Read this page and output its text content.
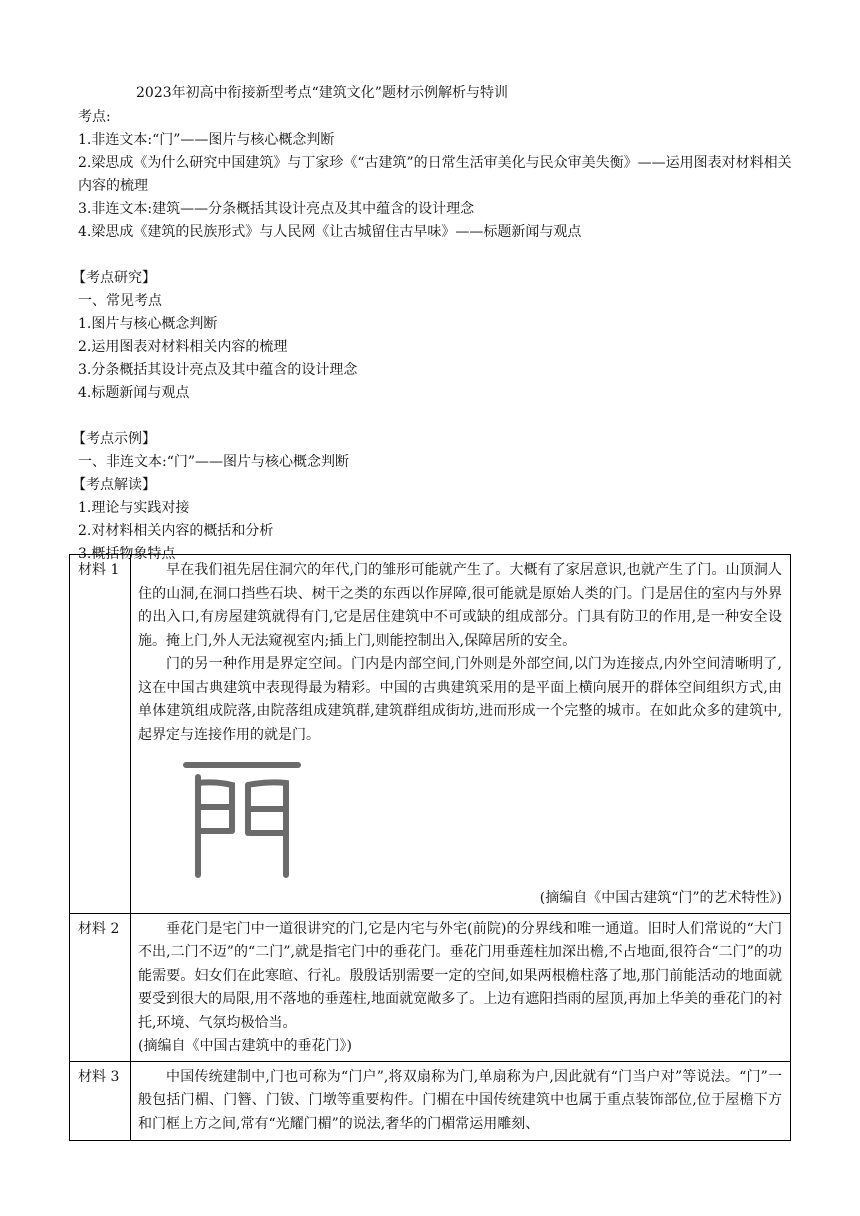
2023年初高中衔接新型考点“建筑文化”题材示例解析与特训
考点:
1.非连文本:“门”——图片与核心概念判断
2.梁思成《为什么研究中国建筑》与丁家珍《“古建筑”的日常生活审美化与民众审美失衡》——运用图表对材料相关内容的梳理
3.非连文本:建筑——分条概括其设计亮点及其中蕴含的设计理念
4.梁思成《建筑的民族形式》与人民网《让古城留住古早味》——标题新闻与观点
【考点研究】
一、常见考点
1.图片与核心概念判断
2.运用图表对材料相关内容的梳理
3.分条概括其设计亮点及其中蕴含的设计理念
4.标题新闻与观点
【考点示例】
一、非连文本:“门”——图片与核心概念判断
【考点解读】
1.理论与实践对接
2.对材料相关内容的概括和分析
3.概括物象特点
材料 1	早在我们祖先居住洞穴的年代,门的雏形可能就产生了。大概有了家居意识,也就产生了门。山顶洞人住的山洞,在洞口挡些石块、树干之类的东西以作屏障,很可能就是原始人类的门。门是居住的室内与外界的出入口,有房屋建筑就得有门,它是居住建筑中不可或缺的组成部分。门具有防卫的作用,是一种安全设施。掩上门,外人无法窥视室内;插上门,则能控制出入,保障居所的安全。
门的另一种作用是界定空间。门内是内部空间,门外则是外部空间,以门为连接点,内外空间清晰明了,这在中国古典建筑中表现得最为精彩。中国的古典建筑采用的是平面上横向展开的群体空间组织方式,由单体建筑组成院落,由院落组成建筑群,建筑群组成街坊,进而形成一个完整的城市。在如此众多的建筑中,起界定与连接作用的就是门。
(摘编自《中国古建筑“门”的艺术特性》)

材料 2	垂花门是宅门中一道很讲究的门,它是内宅与外宅(前院)的分界线和唯一通道。旧时人们常说的“大门不出,二门不迈”的“二门”,就是指宅门中的垂花门。垂花门用垂莲柱加深出檐,不占地面,很符合“二门”的功能需要。妇女们在此寒暄、行礼。殷殷话别需要一定的空间,如果两根檐柱落了地,那门前能活动的地面就要受到很大的局限,用不落地的垂莲柱,地面就宽敞多了。上边有遮阳挡雨的屋顶,再加上华美的垂花门的衬托,环境、气氛均极恰当。
(摘编自《中国古建筑中的垂花门》)

材料 3	中国传统建制中,门也可称为“门户”,将双扇称为门,单扇称为户,因此就有“门当户对”等说法。“门”一般包括门楣、门簪、门钹、门墩等重要构件。门楣在中国传统建筑中也属于重点装饰部位,位于屋檐下方和门框上方之间,常有“光耀门楣”的说法,奢华的门楣常运用雕刻、
